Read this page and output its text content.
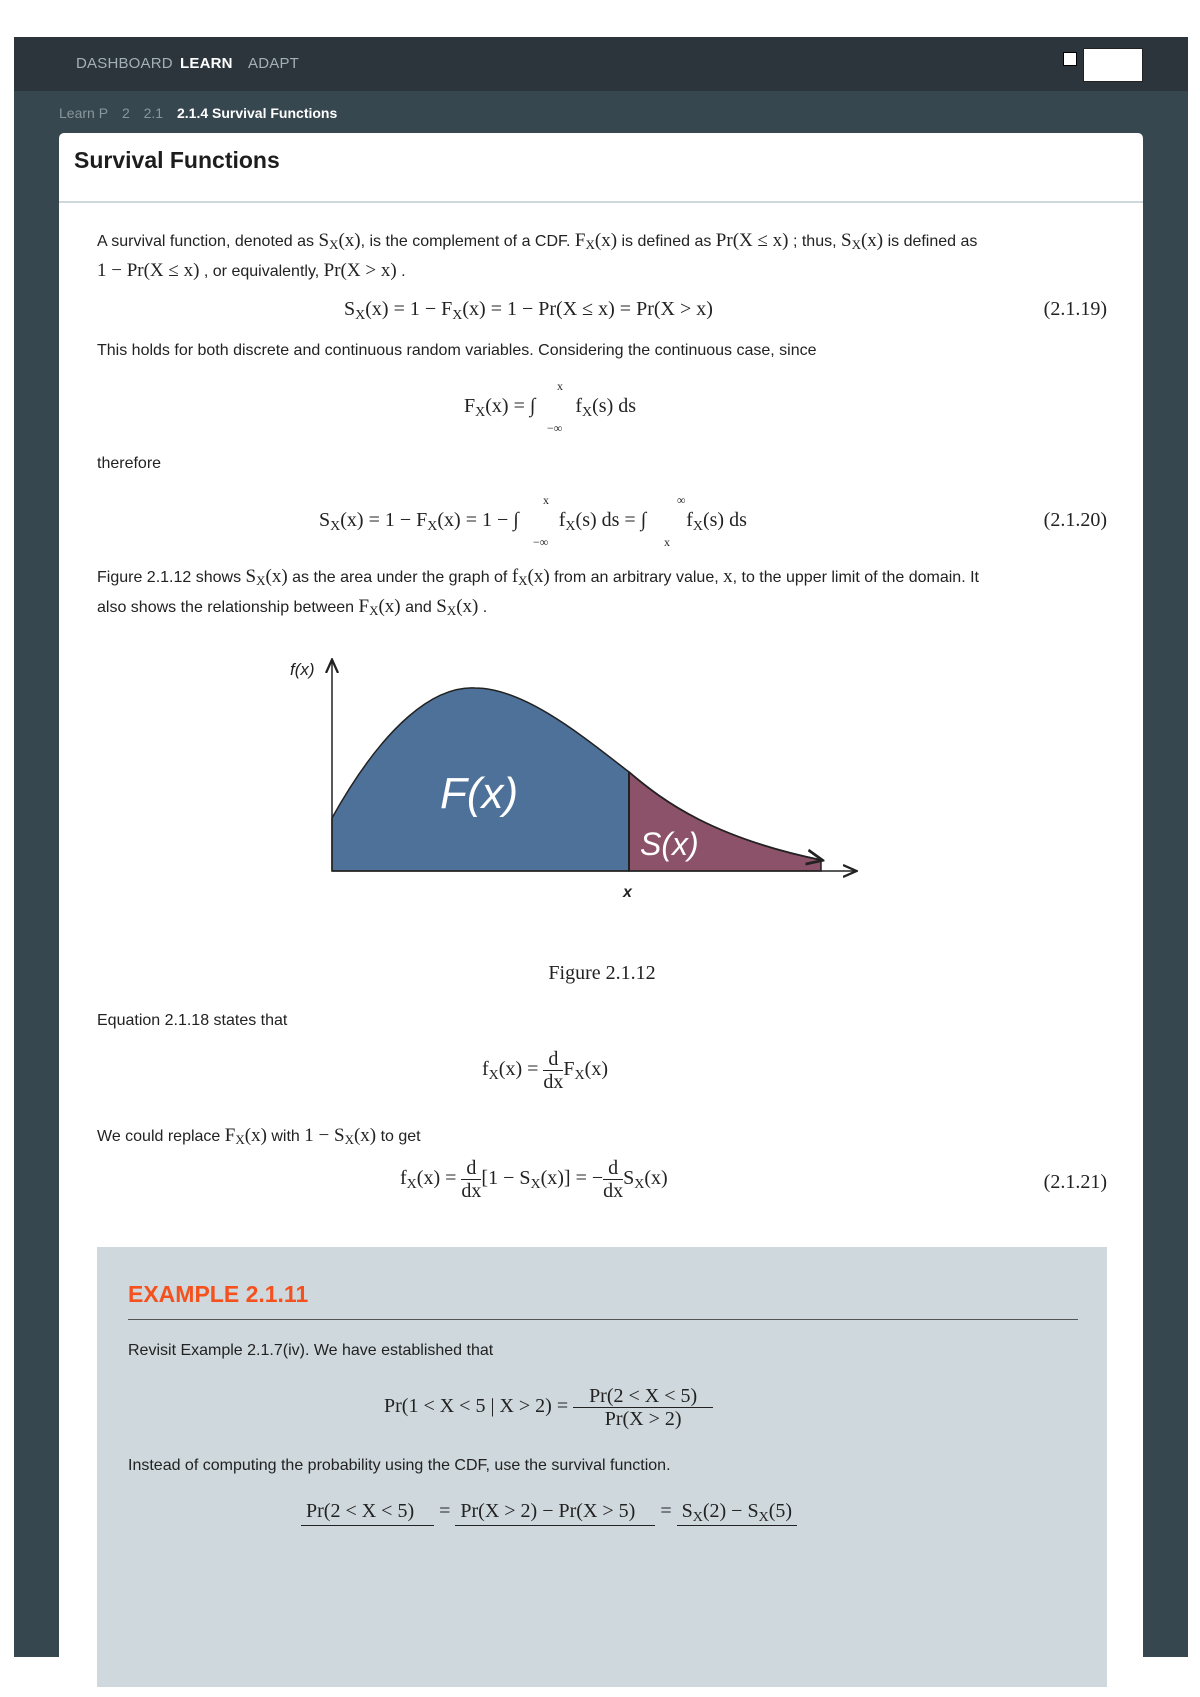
DASHBOARD LEARN ADAPT
Learn P 2 2.1 2.1.4 Survival Functions
Survival Functions
A survival function, denoted as $S_X(x)$, is the complement of a CDF. $F_X(x)$ is defined as Pr(X ≤ x) ; thus, $S_X(x)$ is defined as
1 − Pr(X ≤ x) , or equivalently, Pr(X > x) .
$S_X(x) = 1 - F_X(x) = 1 - Pr(X \le x) = Pr(X > x)$	(2.1.19)
This holds for both discrete and continuous random variables. Considering the continuous case, since
$F_X(x)$ = ∫        $f_X(s)$ ds
x
−∞
therefore
$S_X(x) = 1 - F_X(x) = 1$ − ∫        $f_X(s)$ ds = ∫        $f_X(s)$ ds
x
−∞
∞
x
(2.1.20)
Figure 2.1.12 shows $S_X(x)$ as the area under the graph of $f_X(x)$ from an arbitrary value, x, to the upper limit of the domain. It
also shows the relationship between $F_X(x)$ and $S_X(x)$ .
f(x)
x
F(x)
S(x)
Figure 2.1.12
Equation 2.1.18 states that
$f_X(x) = \frac{d}{dx} F_X(x)$
We could replace $F_X(x)$ with $1 - S_X(x)$ to get
$f_X(x) = \frac{d}{dx} [1 - S_X(x)]$ = − $\frac{d}{dx} S_X(x)$	(2.1.21)
EXAMPLE 2.1.11

Revisit Example 2.1.7(iv). We have established that

Pr(1 < X < 5 | $X > 2) = \frac{Pr(2 < X < 5)}{Pr(X > 2)}$

Instead of computing the probability using the CDF, use the survival function.

Pr(2 < X < 5)     =  Pr(X > 2) − Pr(X > 5)     =  $S_X(2) - S_X(5)$
